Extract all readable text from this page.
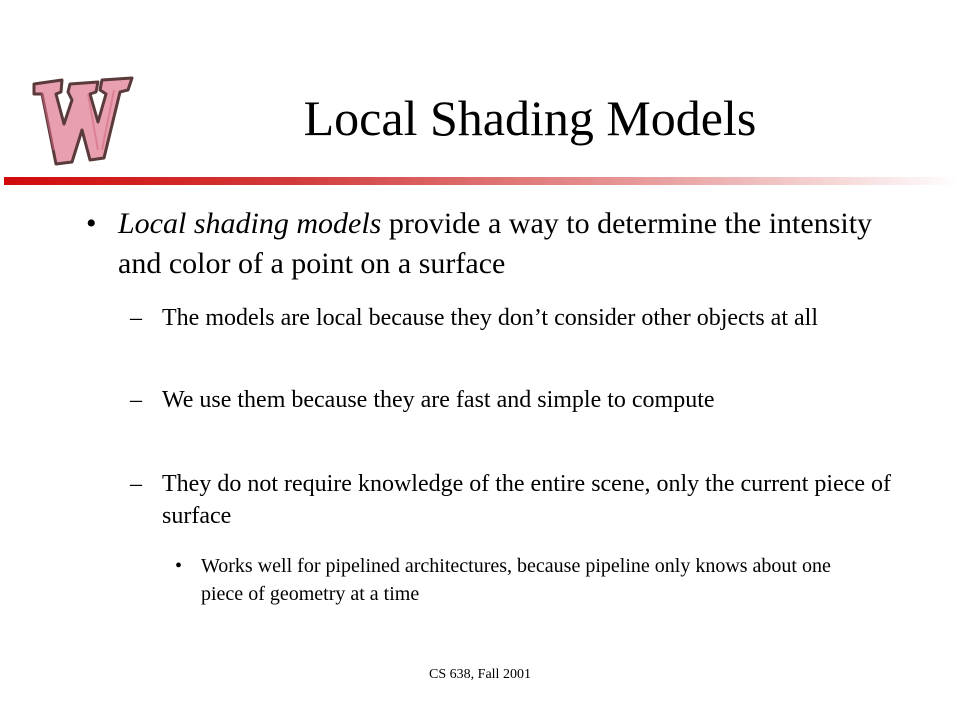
Local Shading Models
• Local shading models provide a way to determine the intensity and color of a point on a surface
– The models are local because they don’t consider other objects at all
– We use them because they are fast and simple to compute
– They do not require knowledge of the entire scene, only the current piece of surface
• Works well for pipelined architectures, because pipeline only knows about one piece of geometry at a time
CS 638, Fall 2001
